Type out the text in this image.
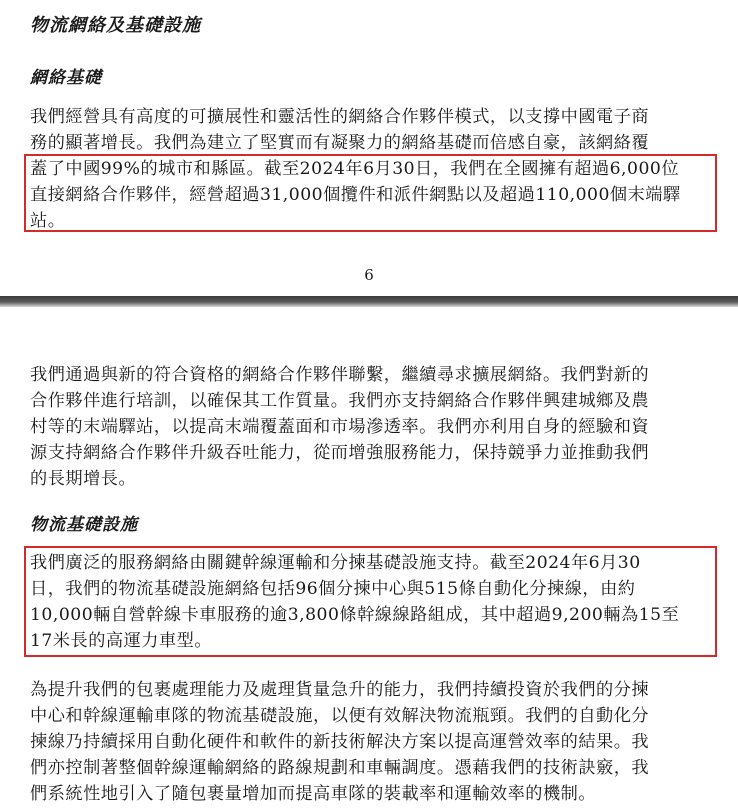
物流網絡及基礎設施
網絡基礎
我們經營具有高度的可擴展性和靈活性的網絡合作夥伴模式，以支撐中國電子商
務的顯著增長。我們為建立了堅實而有凝聚力的網絡基礎而倍感自豪，該網絡覆
蓋了中國99%的城市和縣區。截至2024年6月30日，我們在全國擁有超過6,000位
直接網絡合作夥伴，經營超過31,000個攬件和派件網點以及超過110,000個末端驛
站。
6
我們通過與新的符合資格的網絡合作夥伴聯繫，繼續尋求擴展網絡。我們對新的
合作夥伴進行培訓，以確保其工作質量。我們亦支持網絡合作夥伴興建城鄉及農
村等的末端驛站，以提高末端覆蓋面和市場滲透率。我們亦利用自身的經驗和資
源支持網絡合作夥伴升級吞吐能力，從而增強服務能力，保持競爭力並推動我們
的長期增長。
物流基礎設施
我們廣泛的服務網絡由關鍵幹線運輸和分揀基礎設施支持。截至2024年6月30
日，我們的物流基礎設施網絡包括96個分揀中心與515條自動化分揀線，由約
10,000輛自營幹線卡車服務的逾3,800條幹線線路組成，其中超過9,200輛為15至
17米長的高運力車型。
為提升我們的包裹處理能力及處理貨量急升的能力，我們持續投資於我們的分揀
中心和幹線運輸車隊的物流基礎設施，以便有效解決物流瓶頸。我們的自動化分
揀線乃持續採用自動化硬件和軟件的新技術解決方案以提高運營效率的結果。我
們亦控制著整個幹線運輸網絡的路線規劃和車輛調度。憑藉我們的技術訣竅，我
們系統性地引入了隨包裹量增加而提高車隊的裝載率和運輸效率的機制。
